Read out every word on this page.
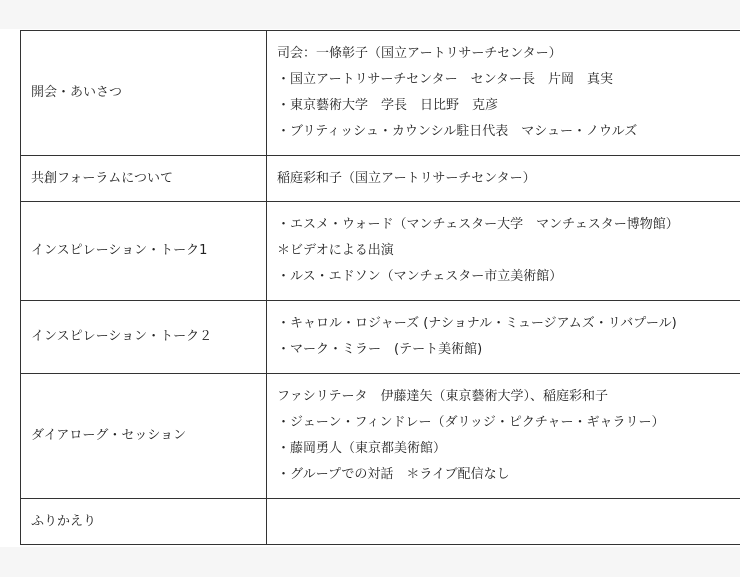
開会・あいさつ	司会：一條彰子（国立アートリサーチセンター）
・国立アートリサーチセンター　センター長　片岡　真実
・東京藝術大学　学長　日比野　克彦
・ブリティッシュ・カウンシル駐日代表　マシュー・ノウルズ

共創フォーラムについて	稲庭彩和子（国立アートリサーチセンター）

インスピレーション・トーク1	・エスメ・ウォード（マンチェスター大学　マンチェスター博物館）
＊ビデオによる出演
・ルス・エドソン（マンチェスター市立美術館）

インスピレーション・トーク２	・キャロル・ロジャーズ (ナショナル・ミュージアムズ・リバプール)
・マーク・ミラー　(テート美術館)

ダイアローグ・セッション	ファシリテータ　伊藤達矢（東京藝術大学）、稲庭彩和子
・ジェーン・フィンドレー（ダリッジ・ピクチャー・ギャラリー）
・藤岡勇人（東京都美術館）
・グループでの対話　＊ライブ配信なし

ふりかえり	
